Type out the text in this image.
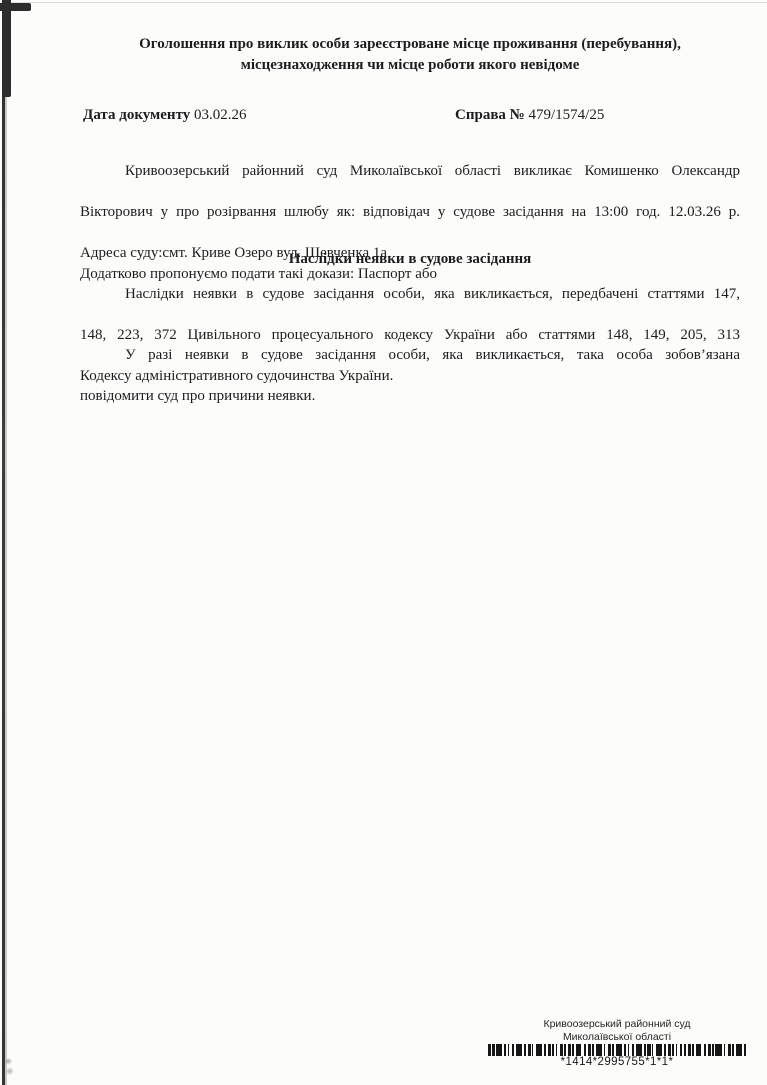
Оголошення про виклик особи зареєстроване місце проживання (перебування),
місцезнаходження чи місце роботи якого невідоме
Дата документу 03.02.26	Справа № 479/1574/25
Кривоозерський районний суд Миколаївської області викликає Комишенко Олександр
Вікторович у про розірвання шлюбу як: відповідач у судове засідання на 13:00 год. 12.03.26 р.
Адреса суду:смт. Криве Озеро вул. Шевченка 1а
Додатково пропонуємо подати такі докази: Паспорт або
Наслідки неявки в судове засідання
Наслідки неявки в судове засідання особи, яка викликається, передбачені статтями 147,
148, 223, 372 Цивільного процесуального кодексу України або статтями 148, 149, 205, 313
Кодексу адміністративного судочинства України.
У разі неявки в судове засідання особи, яка викликається, така особа зобов’язана
повідомити суд про причини неявки.
Кривоозерський районний суд
Миколаївської області
*1414*2995755*1*1*
